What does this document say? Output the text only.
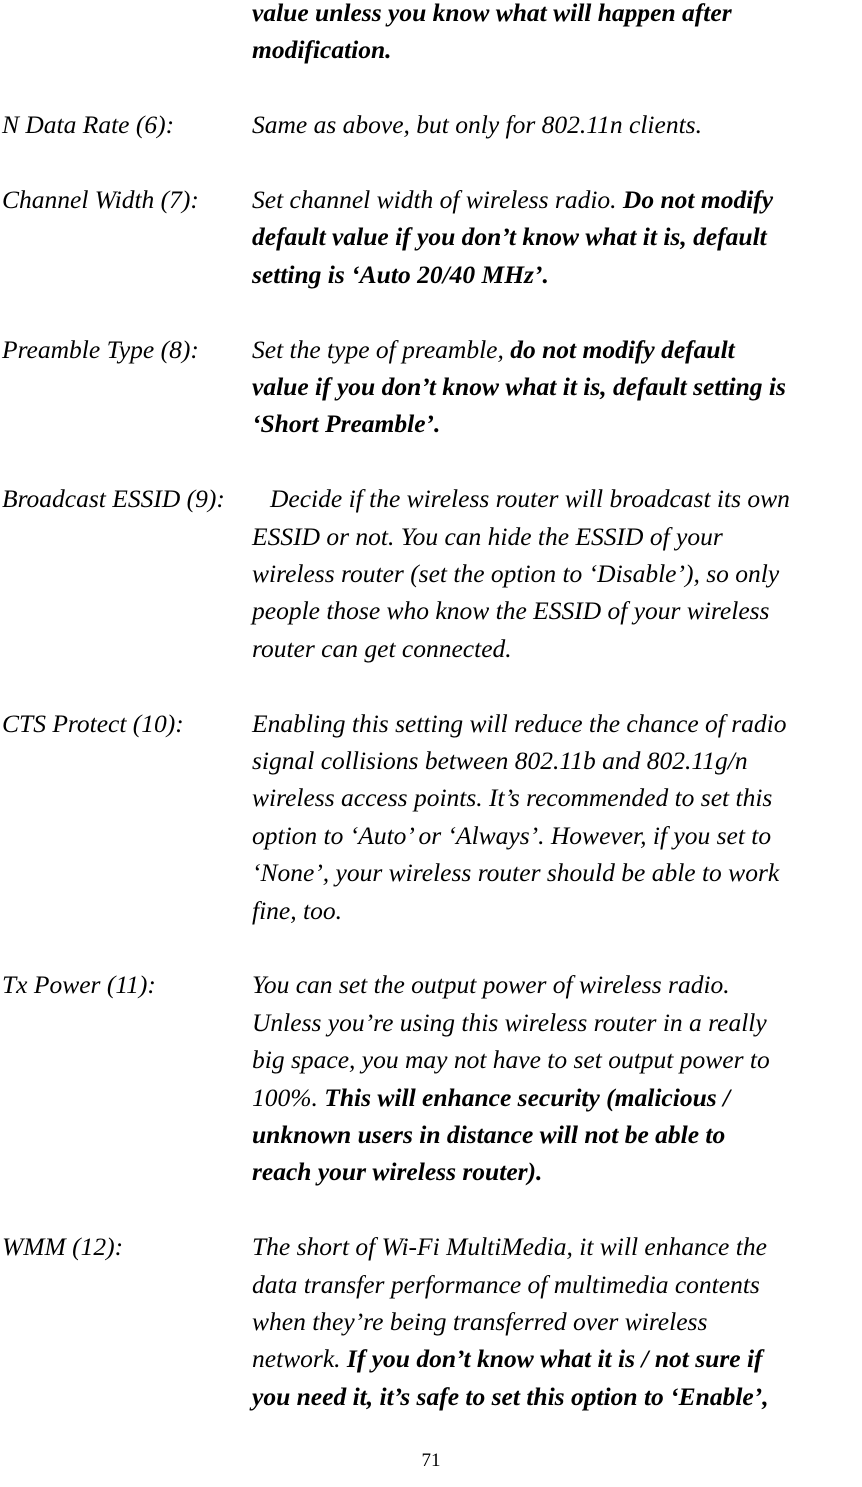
value unless you know what will happen after
modification.
N Data Rate (6):	Same as above, but only for 802.11n clients.
Channel Width (7): Set channel width of wireless radio. Do not modify
default value if you don’t know what it is, default
setting is ‘Auto 20/40 MHz’.
Preamble Type (8): Set the type of preamble, do not modify default
value if you don’t know what it is, default setting is
‘Short Preamble’.
Broadcast ESSID (9): Decide if the wireless router will broadcast its own
ESSID or not. You can hide the ESSID of your
wireless router (set the option to ‘Disable’), so only
people those who know the ESSID of your wireless
router can get connected.
CTS Protect (10):	Enabling this setting will reduce the chance of radio
signal collisions between 802.11b and 802.11g/n
wireless access points. It’s recommended to set this
option to ‘Auto’ or ‘Always’. However, if you set to
‘None’, your wireless router should be able to work
fine, too.
Tx Power (11):	You can set the output power of wireless radio.
Unless you’re using this wireless router in a really
big space, you may not have to set output power to
100%. This will enhance security (malicious /
unknown users in distance will not be able to
reach your wireless router).
WMM (12):	The short of Wi-Fi MultiMedia, it will enhance the
data transfer performance of multimedia contents
when they’re being transferred over wireless
network. If you don’t know what it is / not sure if
you need it, it’s safe to set this option to ‘Enable’,
71
